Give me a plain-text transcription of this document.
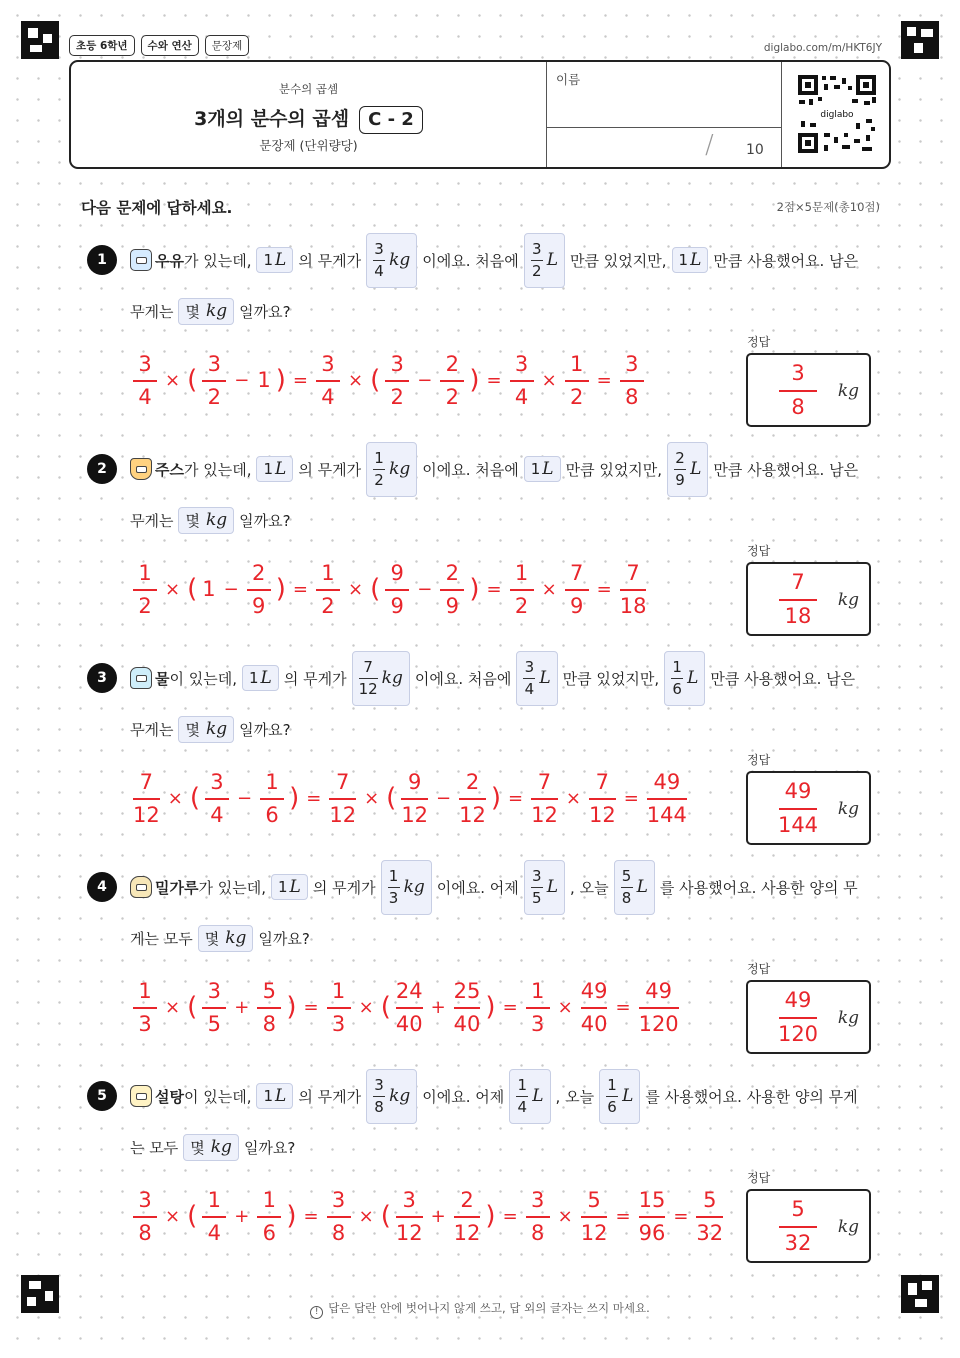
초등 6학년	수와 연산	문장제	diglabo.com/m/HKT6JY
분수의 곱셈
3개의 분수의 곱셈 C - 2
문장제 (단위량당)
이름
/ 10
diglabo
다음 문제에 답하세요.	2점×5문제(총10점)
1	우유 가 있는데, 1 L 의 무게가
3
4
kg 이에요. 처음에
3
2
L 만큼 있었지만, 1 L 만큼 사용했어요. 남은
무게는 몇 kg 일까요?
3
4
× (
3
2
− 1 ) =
3
4
× (
3
2
−
2
2
) =
3
4
×
1
2
=
3
8
정답
3
8
kg
2	주스 가 있는데, 1 L 의 무게가
1
2
kg 이에요. 처음에 1 L 만큼 있었지만,
2
9
L 만큼 사용했어요. 남은
무게는 몇 kg 일까요?
1
2
× ( 1 −
2
9
) =
1
2
× (
9
9
−
2
9
) =
1
2
×
7
9
=
7
18
정답
7
18
kg
3	물 이 있는데, 1 L 의 무게가
7
12
kg 이에요. 처음에
3
4
L 만큼 있었지만,
1
6
L 만큼 사용했어요. 남은
무게는 몇 kg 일까요?
7
12
× (
3
4
−
1
6
) =
7
12
× (
9
12
−
2
12
) =
7
12
×
7
12
=
49
144
정답
49
144
kg
4	밀가루 가 있는데, 1 L 의 무게가
1
3
kg 이에요. 어제
3
5
L , 오늘
5
8
L 를 사용했어요. 사용한 양의 무
게는 모두 몇 kg 일까요?
1
3
× (
3
5
+
5
8
) =
1
3
× (
24
40
+
25
40
) =
1
3
×
49
40
=
49
120
정답
49
120
kg
5	설탕 이 있는데, 1 L 의 무게가
3
8
kg 이에요. 어제
1
4
L , 오늘
1
6
L 를 사용했어요. 사용한 양의 무게
는 모두 몇 kg 일까요?
3
8
× (
1
4
+
1
6
) =
3
8
× (
3
12
+
2
12
) =
3
8
×
5
12
=
15
96
=
5
32
정답
5
32
kg
! 답은 답란 안에 벗어나지 않게 쓰고, 답 외의 글자는 쓰지 마세요.
